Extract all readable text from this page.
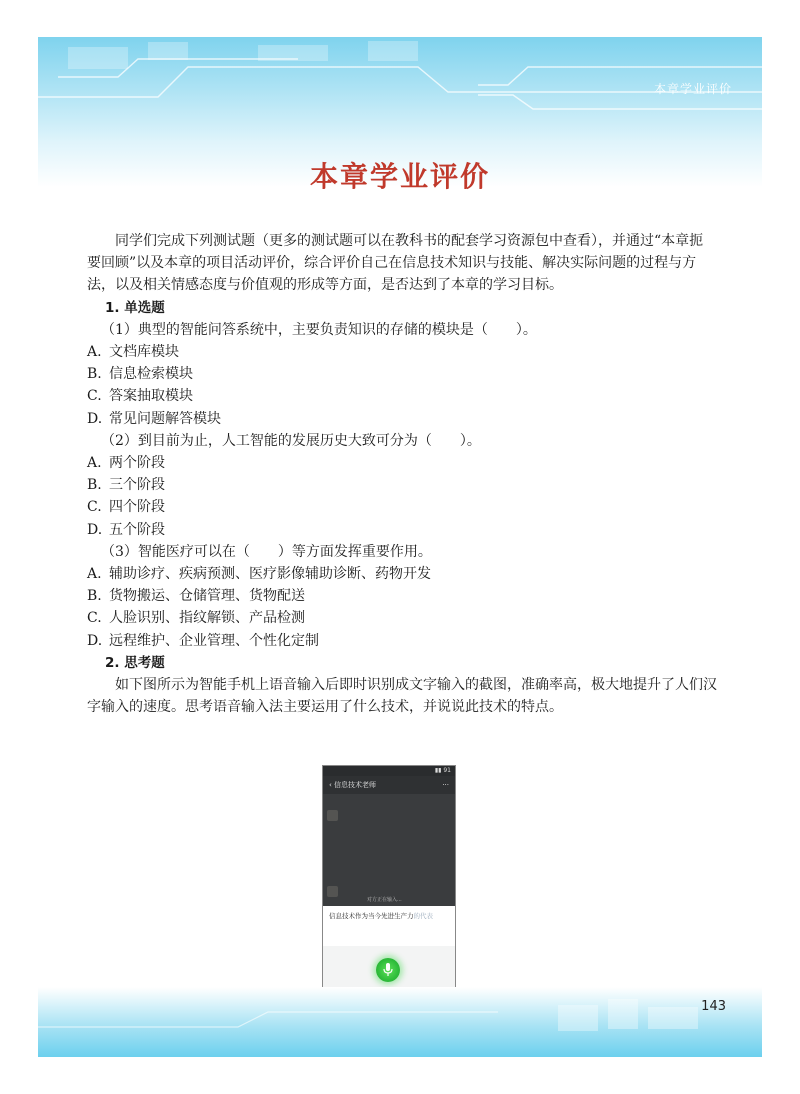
本章学业评价
本章学业评价

同学们完成下列测试题（更多的测试题可以在教科书的配套学习资源包中查看），并通过“本章扼要回顾”以及本章的项目活动评价，综合评价自己在信息技术知识与技能、解决实际问题的过程与方法，以及相关情感态度与价值观的形成等方面，是否达到了本章的学习目标。

1. 单选题

（1）典型的智能问答系统中，主要负责知识的存储的模块是（　　）。

A. 文档库模块

B. 信息检索模块

C. 答案抽取模块

D. 常见问题解答模块

（2）到目前为止，人工智能的发展历史大致可分为（　　）。

A. 两个阶段

B. 三个阶段

C. 四个阶段

D. 五个阶段

（3）智能医疗可以在（　　）等方面发挥重要作用。

A. 辅助诊疗、疾病预测、医疗影像辅助诊断、药物开发

B. 货物搬运、仓储管理、货物配送

C. 人脸识别、指纹解锁、产品检测

D. 远程维护、企业管理、个性化定制

2. 思考题

如下图所示为智能手机上语音输入后即时识别成文字输入的截图，准确率高，极大地提升了人们汉字输入的速度。思考语音输入法主要运用了什么技术，并说说此技术的特点。

▮▮ 91
‹ 信息技术老师	···
对方正在输入...
信息技术作为当今先进生产力的代表
143
